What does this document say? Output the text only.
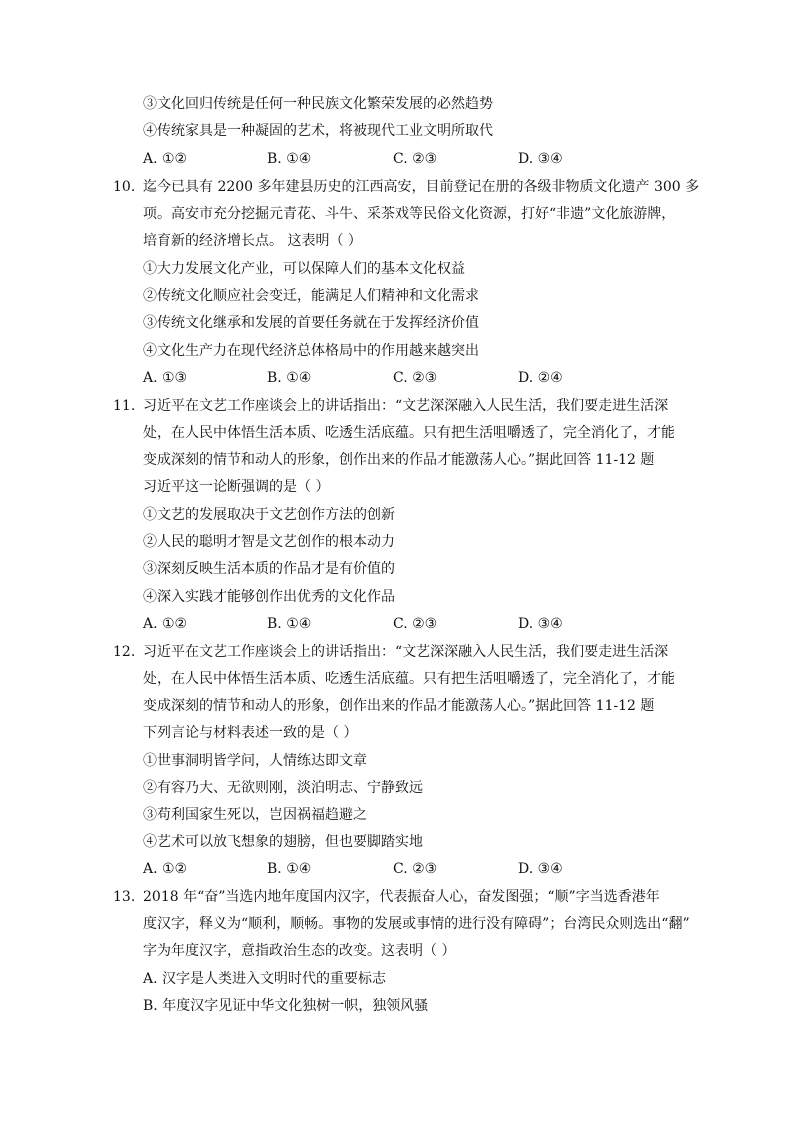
③文化回归传统是任何一种民族文化繁荣发展的必然趋势
④传统家具是一种凝固的艺术，将被现代工业文明所取代
A. ①②	B. ①④	C. ②③	D. ③④
10. 迄今已具有 2200 多年建县历史的江西高安，目前登记在册的各级非物质文化遗产 300 多
项。高安市充分挖掘元青花、斗牛、采茶戏等民俗文化资源，打好“非遗”文化旅游牌，
培育新的经济增长点。 这表明（ ）
①大力发展文化产业，可以保障人们的基本文化权益
②传统文化顺应社会变迁，能满足人们精神和文化需求
③传统文化继承和发展的首要任务就在于发挥经济价值
④文化生产力在现代经济总体格局中的作用越来越突出
A. ①③	B. ①④	C. ②③	D. ②④
11. 习近平在文艺工作座谈会上的讲话指出：“文艺深深融入人民生活，我们要走进生活深
处，在人民中体悟生活本质、吃透生活底蕴。只有把生活咀嚼透了，完全消化了，才能
变成深刻的情节和动人的形象，创作出来的作品才能激荡人心。”据此回答 11-12 题
习近平这一论断强调的是（ ）
①文艺的发展取决于文艺创作方法的创新
②人民的聪明才智是文艺创作的根本动力
③深刻反映生活本质的作品才是有价值的
④深入实践才能够创作出优秀的文化作品
A. ①②	B. ①④	C. ②③	D. ③④
12. 习近平在文艺工作座谈会上的讲话指出：“文艺深深融入人民生活，我们要走进生活深
处，在人民中体悟生活本质、吃透生活底蕴。只有把生活咀嚼透了，完全消化了，才能
变成深刻的情节和动人的形象，创作出来的作品才能激荡人心。”据此回答 11-12 题
下列言论与材料表述一致的是（ ）
①世事洞明皆学问，人情练达即文章
②有容乃大、无欲则刚，淡泊明志、宁静致远
③苟利国家生死以，岂因祸福趋避之
④艺术可以放飞想象的翅膀，但也要脚踏实地
A. ①②	B. ①④	C. ②③	D. ③④
13. 2018 年“奋”当选内地年度国内汉字，代表振奋人心，奋发图强；“顺”字当选香港年
度汉字，释义为“顺利，顺畅。事物的发展或事情的进行没有障碍”；台湾民众则选出“翻”
字为年度汉字，意指政治生态的改变。这表明（ ）
A. 汉字是人类进入文明时代的重要标志
B. 年度汉字见证中华文化独树一帜，独领风骚
